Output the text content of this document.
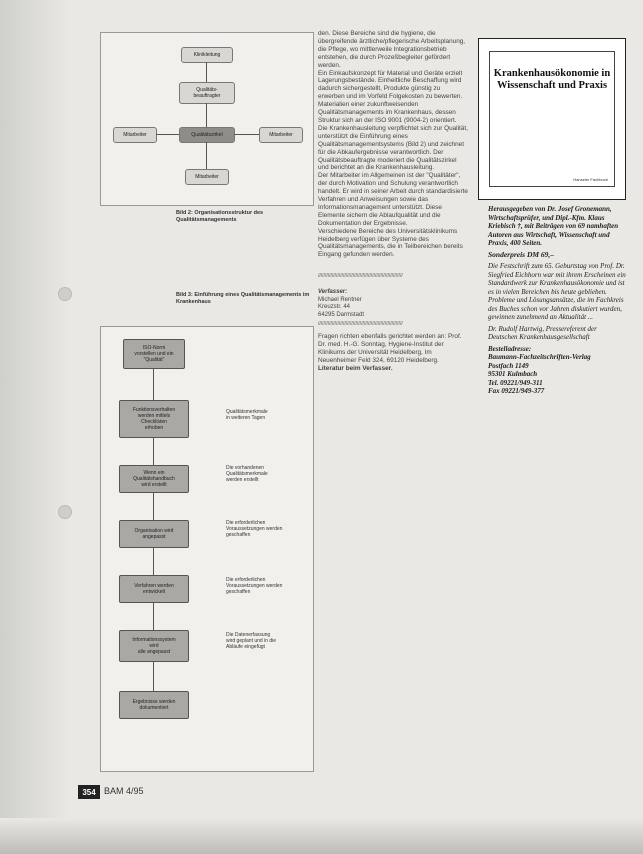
Klinikleitung
Qualitäts-
beauftragter
Mitarbeiter	Qualitätszirkel	Mitarbeiter
Mitarbeiter
Bild 2: Organisationsstruktur des Qualitätsmanagements
Bild 3: Einführung eines Qualitätsmanagements im Krankenhaus
ISO-Norm
vorstellen und ein
"Qualität"
Funktionsverhalten
werden mittels
Checklisten
erhoben
Qualitätsmerkmale
in weiteren Tagen
Wenn ein
Qualitätshandbuch
wird erstellt
Die vorhandenen
Qualitätsmerkmale
werden erstellt
Organisation wird
angepasst
Die erforderlichen
Voraussetzungen werden
geschaffen
Verfahren werden
entwickelt
Die erforderlichen
Voraussetzungen werden
geschaffen
Informationssystem
wird
alle angepasst
Die Datenerfassung
wird geplant und in die
Abläufe eingefügt
Ergebnisse werden
dokumentiert

den. Diese Bereiche sind die hygiene, die übergreifende ärztliche/pflegerische Arbeitsplanung, die Pflege, wo mittlerweile Integrationsbetrieb entstehen, die durch Prozeßbegleiter gefördert werden.

Ein Einkaufskonzept für Material und Geräte erzielt Lagerungsbestände. Einheitliche Beschaffung wird dadurch sichergestellt, Produkte günstig zu erwerben und im Vorfeld Folgekosten zu bewerten. Materialien einer zukunftweisenden Qualitätsmanagements im Krankenhaus, dessen Struktur sich an der ISO 9001 (9004-2) orientiert.

Die Krankenhausleitung verpflichtet sich zur Qualität, unterstützt die Einführung eines Qualitätsmanagementsystems (Bild 2) und zeichnet für die Abkaufergebnisse verantwortlich. Der Qualitätsbeauftragte moderiert die Qualitätszirkel und berichtet an die Krankenhausleitung.

Der Mitarbeiter im Allgemeinen ist der "Qualitäter", der durch Motivation und Schulung verantwortlich handelt. Er wird in seiner Arbeit durch standardisierte Verfahren und Anweisungen sowie das Informationsmanagement unterstützt. Diese Elemente sichern die Ablaufqualität und die Dokumentation der Ergebnisse.

Verschiedene Bereiche des Universitätsklinikums Heidelberg verfügen über Systeme des Qualitätsmanagements, die in Teilbereichen bereits Eingang gefunden werden.

/////////////////////////////////////////////////////////////
Verfasser:
Michael Rentner
Kreuzstr. 44
64295 Darmstadt
/////////////////////////////////////////////////////////////

Fragen richten ebenfalls gerichtet werden an: Prof. Dr. med. H.-G. Sonntag, Hygiene-Institut der Klinikums der Universität Heidelberg, Im Neuenheimer Feld 324, 69120 Heidelberg.

Literatur beim Verfasser.

Krankenhausökonomie in Wissenschaft und Praxis
Hanseler Fachbuch

Herausgegeben von Dr. Josef Gronemann, Wirtschaftsprüfer, und Dipl.-Kfm. Klaus Kriebisch †, mit Beiträgen von 69 namhaften Autoren aus Wirtschaft, Wissenschaft und Praxis, 400 Seiten.

Sonderpreis DM 69,–

Die Festschrift zum 65. Geburtstag von Prof. Dr. Siegfried Eichhorn war mit ihrem Erscheinen ein Standardwerk zur Krankenhausökonomie und ist es in vielen Bereichen bis heute geblieben. Probleme und Lösungsansätze, die im Fachkreis des Buches schon vor Jahren diskutiert wurden, gewinnen zunehmend an Aktualität ...

Dr. Rudolf Hartwig, Pressereferent der Deutschen Krankenhausgesellschaft

Bestelladresse:
Baumann-Fachzeitschriften-Verlag
Postfach 1149
95301 Kulmbach
Tel. 09221/949-311
Fax 09221/949-377
354 BAM 4/95
